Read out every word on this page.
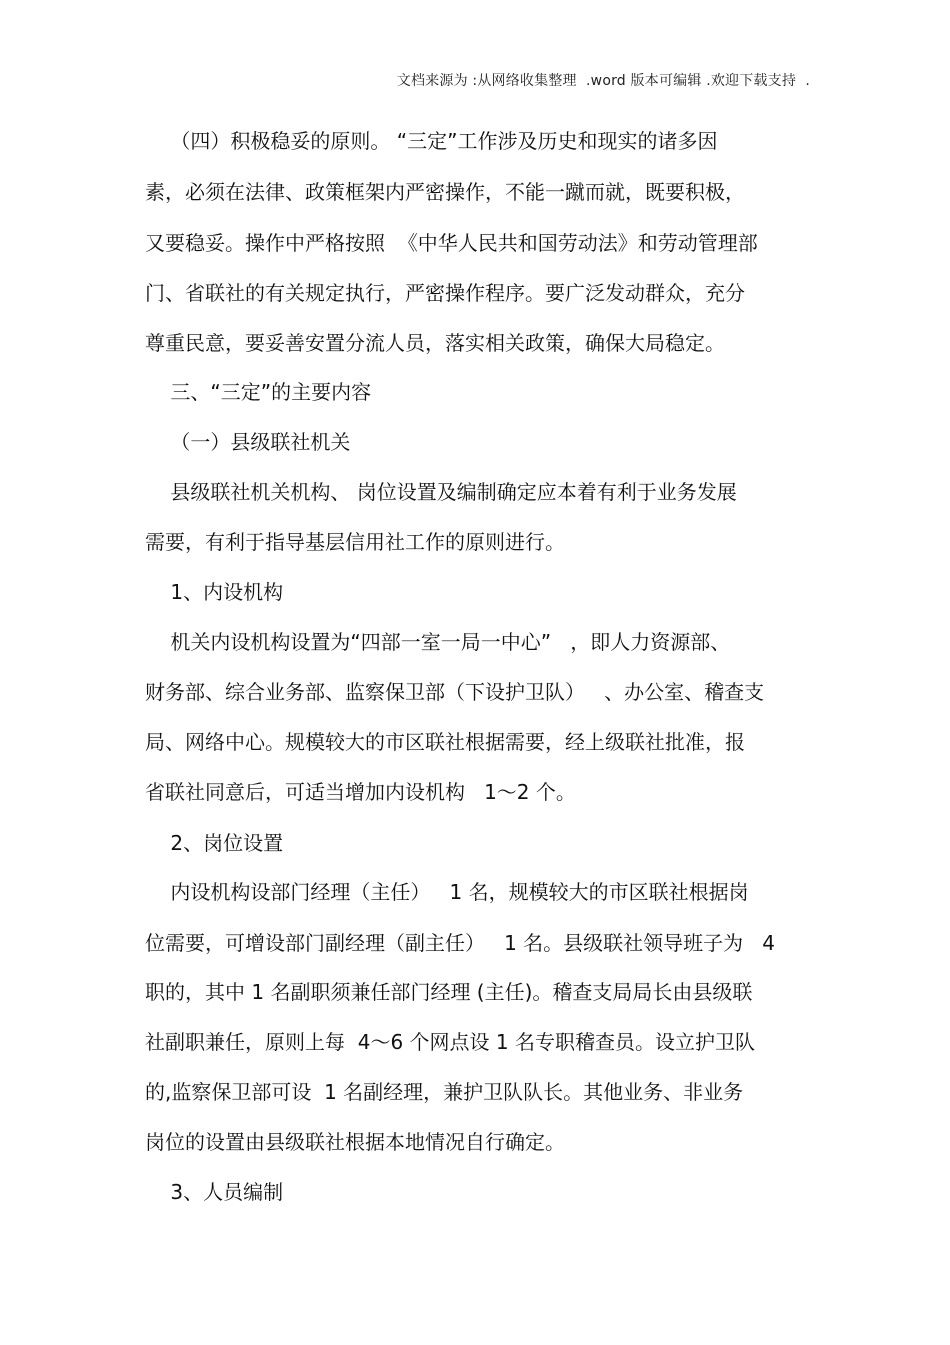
文档来源为 :从网络收集整理  .word 版本可编辑 .欢迎下载支持  .
（四）积极稳妥的原则。 “三定”工作涉及历史和现实的诸多因
素，必须在法律、政策框架内严密操作，不能一蹴而就，既要积极，
又要稳妥。操作中严格按照  《中华人民共和国劳动法》和劳动管理部
门、省联社的有关规定执行，严密操作程序。要广泛发动群众，充分
尊重民意，要妥善安置分流人员，落实相关政策，确保大局稳定。
三、“三定”的主要内容
（一）县级联社机关
县级联社机关机构、 岗位设置及编制确定应本着有利于业务发展
需要，有利于指导基层信用社工作的原则进行。
1、内设机构
机关内设机构设置为“四部一室一局一中心”   ，即人力资源部、
财务部、综合业务部、监察保卫部（下设护卫队）   、办公室、稽查支
局、网络中心。规模较大的市区联社根据需要，经上级联社批准，报
省联社同意后，可适当增加内设机构   1～2 个。
2、岗位设置
内设机构设部门经理（主任）   1 名，规模较大的市区联社根据岗
位需要，可增设部门副经理（副主任）   1 名。县级联社领导班子为   4
职的，其中 1 名副职须兼任部门经理 (主任)。稽查支局局长由县级联
社副职兼任，原则上每  4～6 个网点设 1 名专职稽查员。设立护卫队
的,监察保卫部可设  1 名副经理，兼护卫队队长。其他业务、非业务
岗位的设置由县级联社根据本地情况自行确定。
3、人员编制
